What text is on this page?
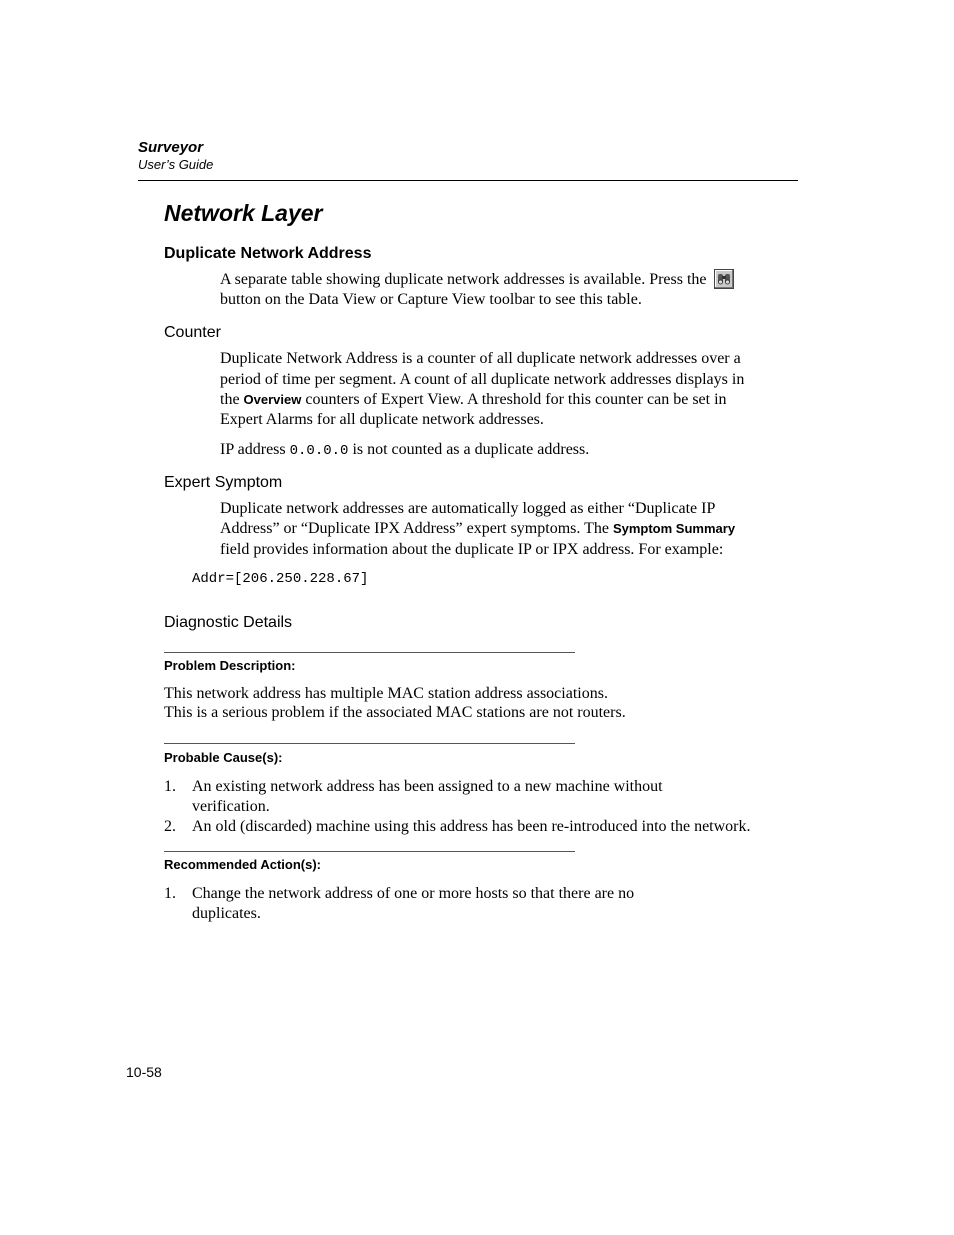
Surveyor
User’s Guide
Network Layer
Duplicate Network Address
A separate table showing duplicate network addresses is available. Press the
button on the Data View or Capture View toolbar to see this table.
Counter
Duplicate Network Address is a counter of all duplicate network addresses over a
period of time per segment. A count of all duplicate network addresses displays in
the Overview counters of Expert View. A threshold for this counter can be set in
Expert Alarms for all duplicate network addresses.
IP address 0.0.0.0 is not counted as a duplicate address.
Expert Symptom
Duplicate network addresses are automatically logged as either “Duplicate IP
Address” or “Duplicate IPX Address” expert symptoms. The Symptom Summary
field provides information about the duplicate IP or IPX address. For example:
Addr=[206.250.228.67]
Diagnostic Details
Problem Description:
This network address has multiple MAC station address associations.
This is a serious problem if the associated MAC stations are not routers.
Probable Cause(s):
1. An existing network address has been assigned to a new machine without
verification.
2. An old (discarded) machine using this address has been re-introduced into the network.
Recommended Action(s):
1. Change the network address of one or more hosts so that there are no
duplicates.
10-58
